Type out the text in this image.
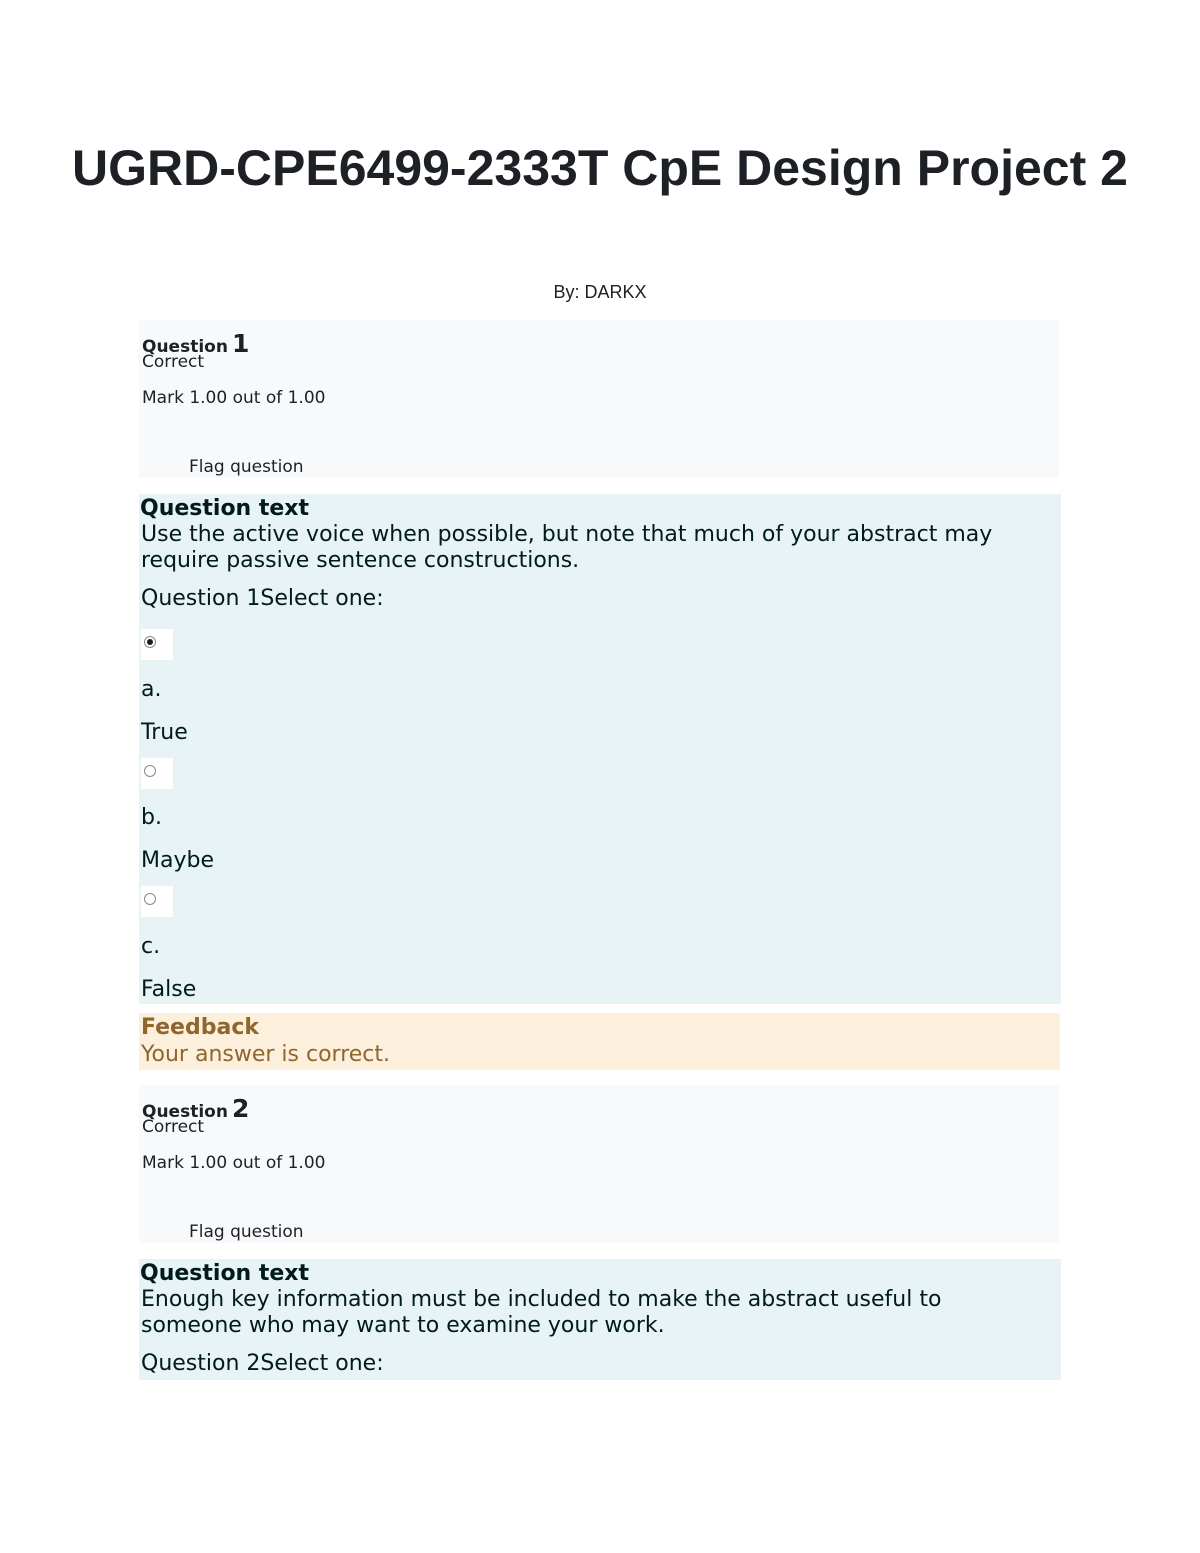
UGRD-CPE6499-2333T CpE Design Project 2
By: DARKX
Question 1
Correct
Mark 1.00 out of 1.00
Flag question
Question text
Use the active voice when possible, but note that much of your abstract may require passive sentence constructions.
Question 1Select one:
a.
True
b.
Maybe
c.
False
Feedback
Your answer is correct.
Question 2
Correct
Mark 1.00 out of 1.00
Flag question
Question text
Enough key information must be included to make the abstract useful to someone who may want to examine your work.
Question 2Select one:
